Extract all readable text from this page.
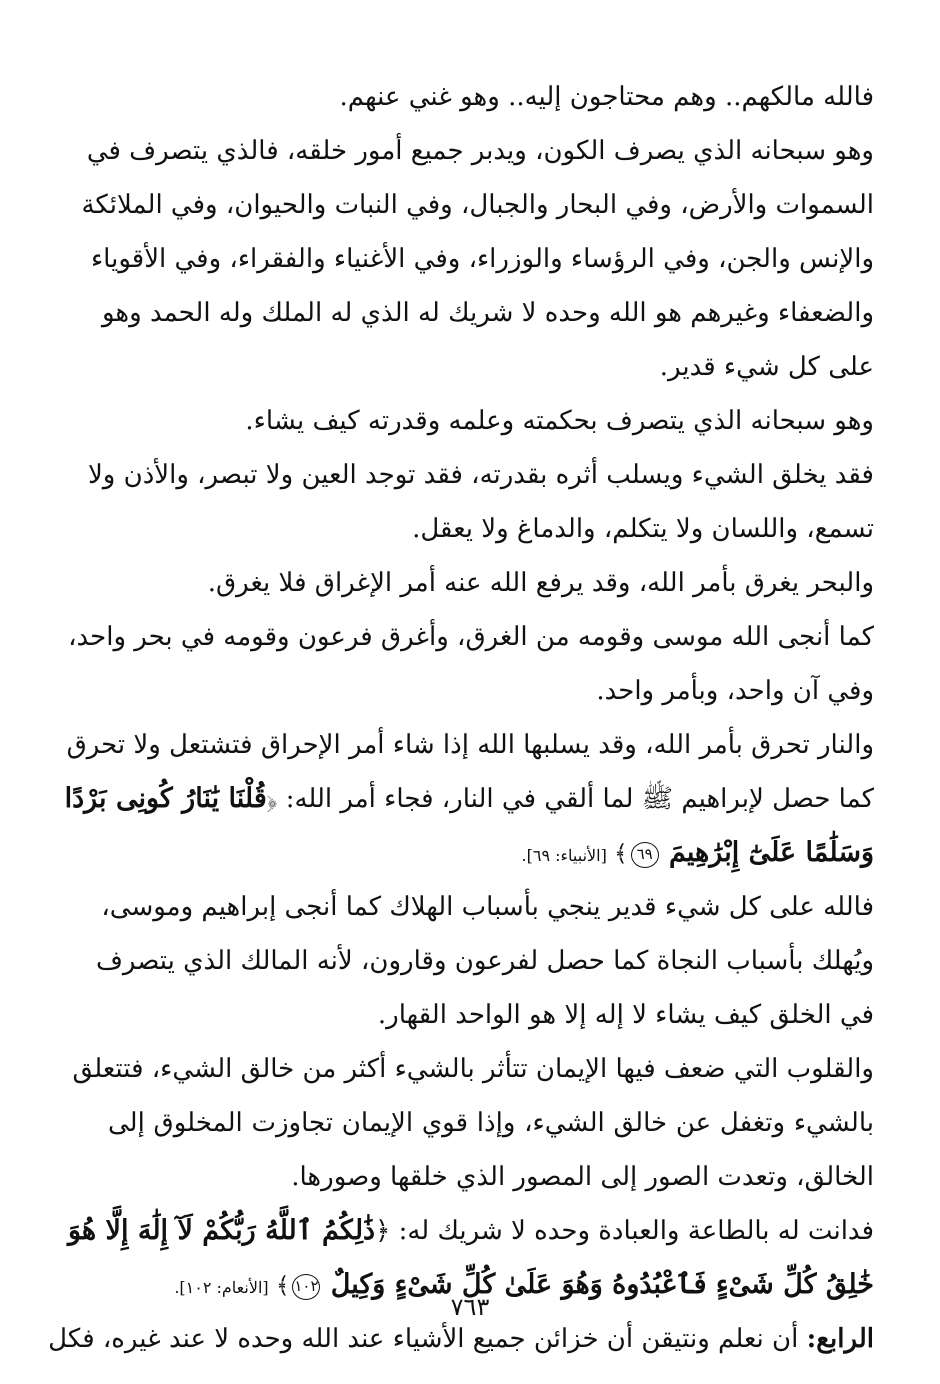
فالله مالكهم.. وهم محتاجون إليه.. وهو غني عنهم.
وهو سبحانه الذي يصرف الكون، ويدبر جميع أمور خلقه، فالذي يتصرف في
السموات والأرض، وفي البحار والجبال، وفي النبات والحيوان، وفي الملائكة
والإنس والجن، وفي الرؤساء والوزراء، وفي الأغنياء والفقراء، وفي الأقوياء
والضعفاء وغيرهم هو الله وحده لا شريك له الذي له الملك وله الحمد وهو
على كل شيء قدير.
وهو سبحانه الذي يتصرف بحكمته وعلمه وقدرته كيف يشاء.
فقد يخلق الشيء ويسلب أثره بقدرته، فقد توجد العين ولا تبصر، والأذن ولا
تسمع، واللسان ولا يتكلم، والدماغ ولا يعقل.
والبحر يغرق بأمر الله، وقد يرفع الله عنه أمر الإغراق فلا يغرق.
كما أنجى الله موسى وقومه من الغرق، وأغرق فرعون وقومه في بحر واحد،
وفي آن واحد، وبأمر واحد.
والنار تحرق بأمر الله، وقد يسلبها الله إذا شاء أمر الإحراق فتشتعل ولا تحرق
كما حصل لإبراهيم ﷺ لما ألقي في النار، فجاء أمر الله: ﴿قُلْنَا يَٰنَارُ كُونِى بَرْدًا
وَسَلَٰمًا عَلَىٰٓ إِبْرَٰهِيمَ ٦٩﴾ [الأنبياء: ٦٩].
فالله على كل شيء قدير ينجي بأسباب الهلاك كما أنجى إبراهيم وموسى،
ويُهلك بأسباب النجاة كما حصل لفرعون وقارون، لأنه المالك الذي يتصرف
في الخلق كيف يشاء لا إله إلا هو الواحد القهار.
والقلوب التي ضعف فيها الإيمان تتأثر بالشيء أكثر من خالق الشيء، فتتعلق
بالشيء وتغفل عن خالق الشيء، وإذا قوي الإيمان تجاوزت المخلوق إلى
الخالق، وتعدت الصور إلى المصور الذي خلقها وصورها.
فدانت له بالطاعة والعبادة وحده لا شريك له: ﴿ذَٰلِكُمُ ٱللَّهُ رَبُّكُمْ لَآ إِلَٰهَ إِلَّا هُوَ
خَٰلِقُ كُلِّ شَىْءٍ فَٱعْبُدُوهُ وَهُوَ عَلَىٰ كُلِّ شَىْءٍ وَكِيلٌ ١٠٢﴾ [الأنعام: ١٠٢].
الرابع: أن نعلم ونتيقن أن خزائن جميع الأشياء عند الله وحده لا عند غيره، فكل
٧٦٣
